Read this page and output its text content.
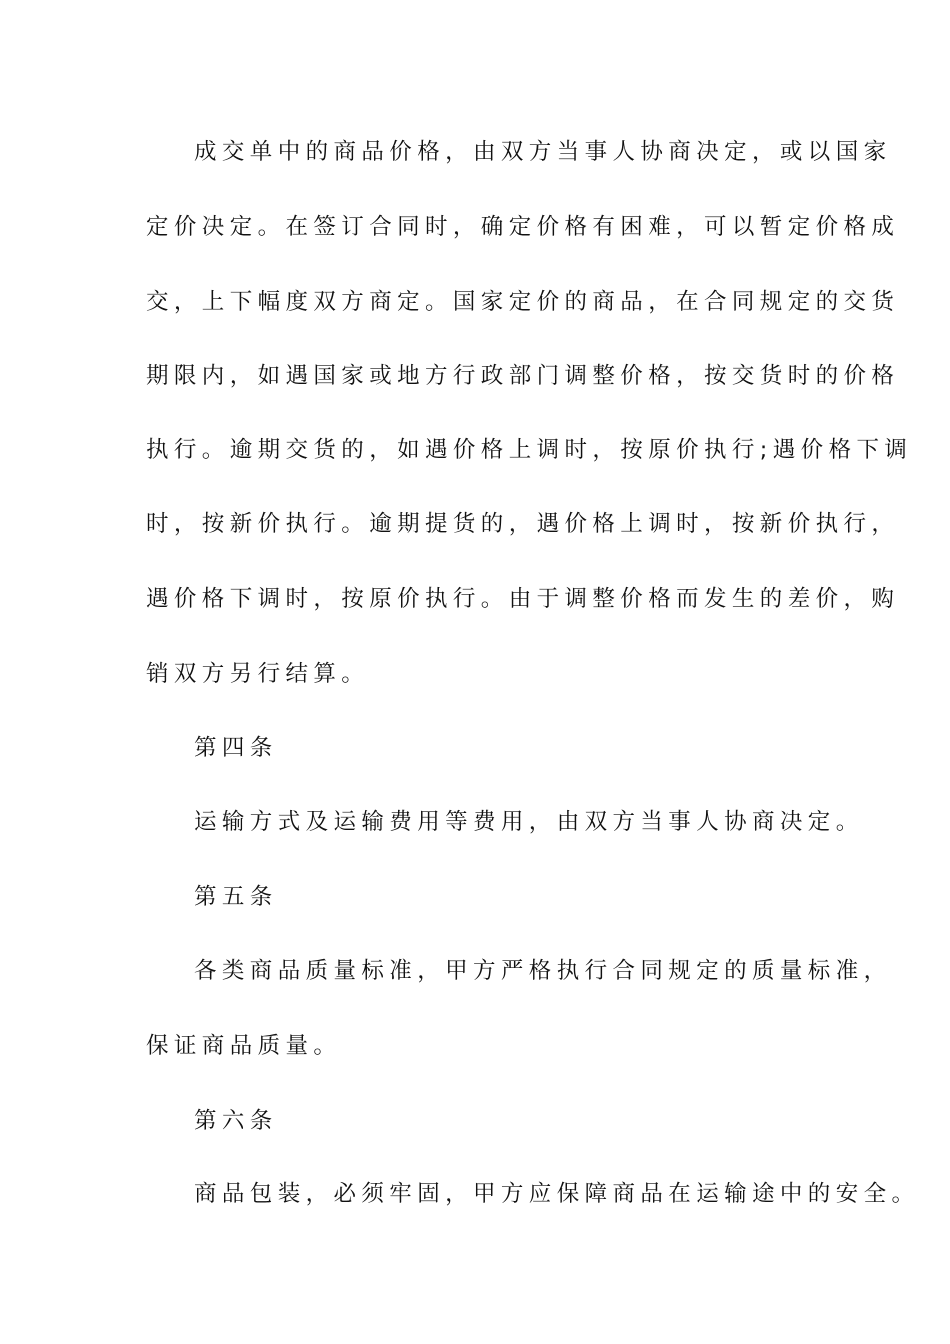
成交单中的商品价格，由双方当事人协商决定，或以国家
定价决定。在签订合同时，确定价格有困难，可以暂定价格成
交，上下幅度双方商定。国家定价的商品，在合同规定的交货
期限内，如遇国家或地方行政部门调整价格，按交货时的价格
执行。逾期交货的，如遇价格上调时，按原价执行;遇价格下调
时，按新价执行。逾期提货的，遇价格上调时，按新价执行，
遇价格下调时，按原价执行。由于调整价格而发生的差价，购
销双方另行结算。
第四条
运输方式及运输费用等费用，由双方当事人协商决定。
第五条
各类商品质量标准，甲方严格执行合同规定的质量标准，
保证商品质量。
第六条
商品包装，必须牢固，甲方应保障商品在运输途中的安全。
